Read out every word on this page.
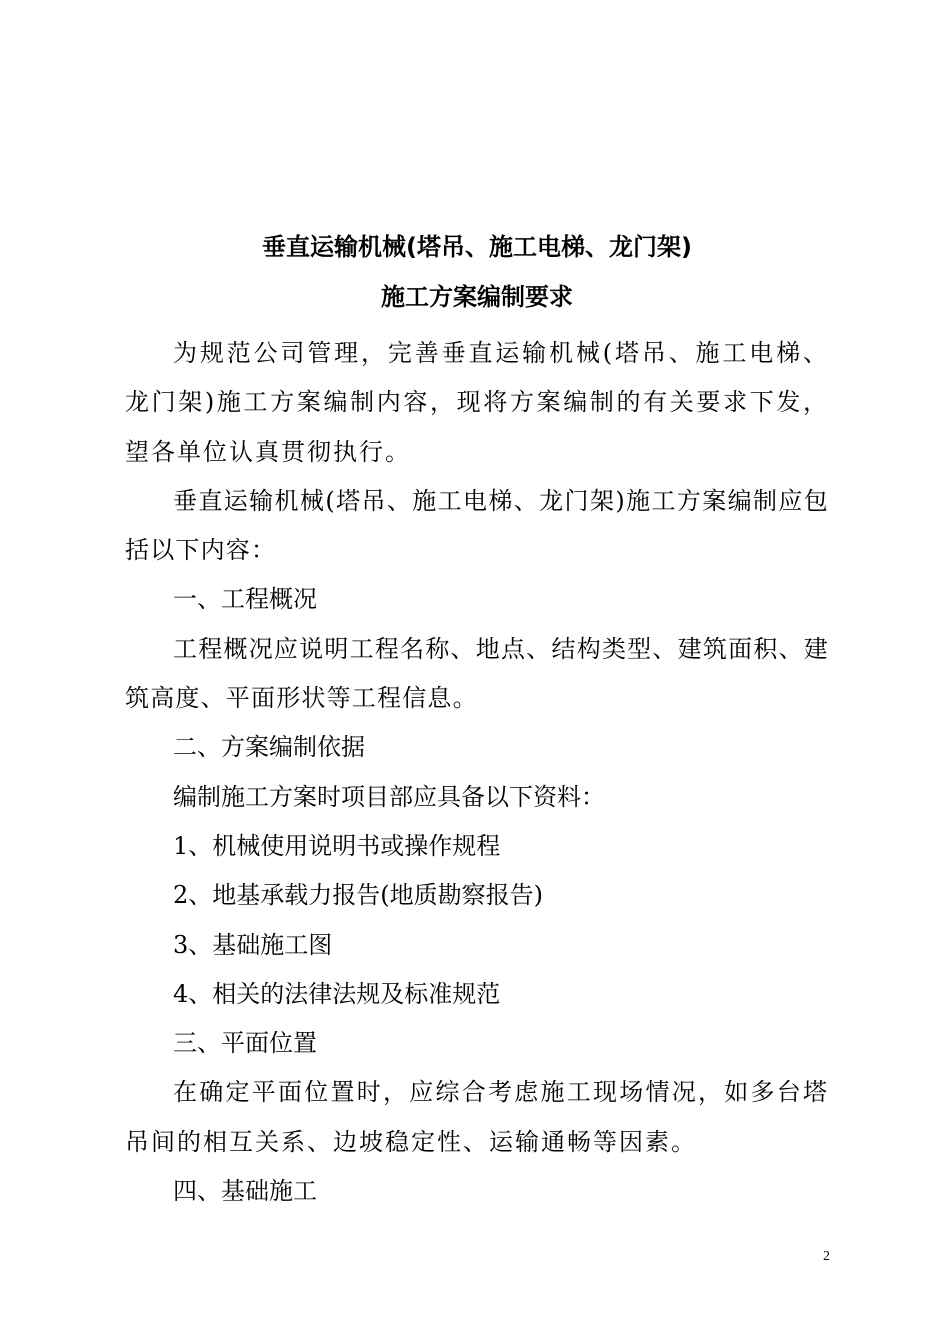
垂直运输机械(塔吊、施工电梯、龙门架)
施工方案编制要求

为规范公司管理，完善垂直运输机械(塔吊、施工电梯、龙门架)施工方案编制内容，现将方案编制的有关要求下发，望各单位认真贯彻执行。

垂直运输机械(塔吊、施工电梯、龙门架)施工方案编制应包括以下内容：

一、工程概况

工程概况应说明工程名称、地点、结构类型、建筑面积、建筑高度、平面形状等工程信息。

二、方案编制依据

编制施工方案时项目部应具备以下资料：

1、机械使用说明书或操作规程

2、地基承载力报告(地质勘察报告)

3、基础施工图

4、相关的法律法规及标准规范

三、平面位置

在确定平面位置时，应综合考虑施工现场情况，如多台塔吊间的相互关系、边坡稳定性、运输通畅等因素。

四、基础施工

2
